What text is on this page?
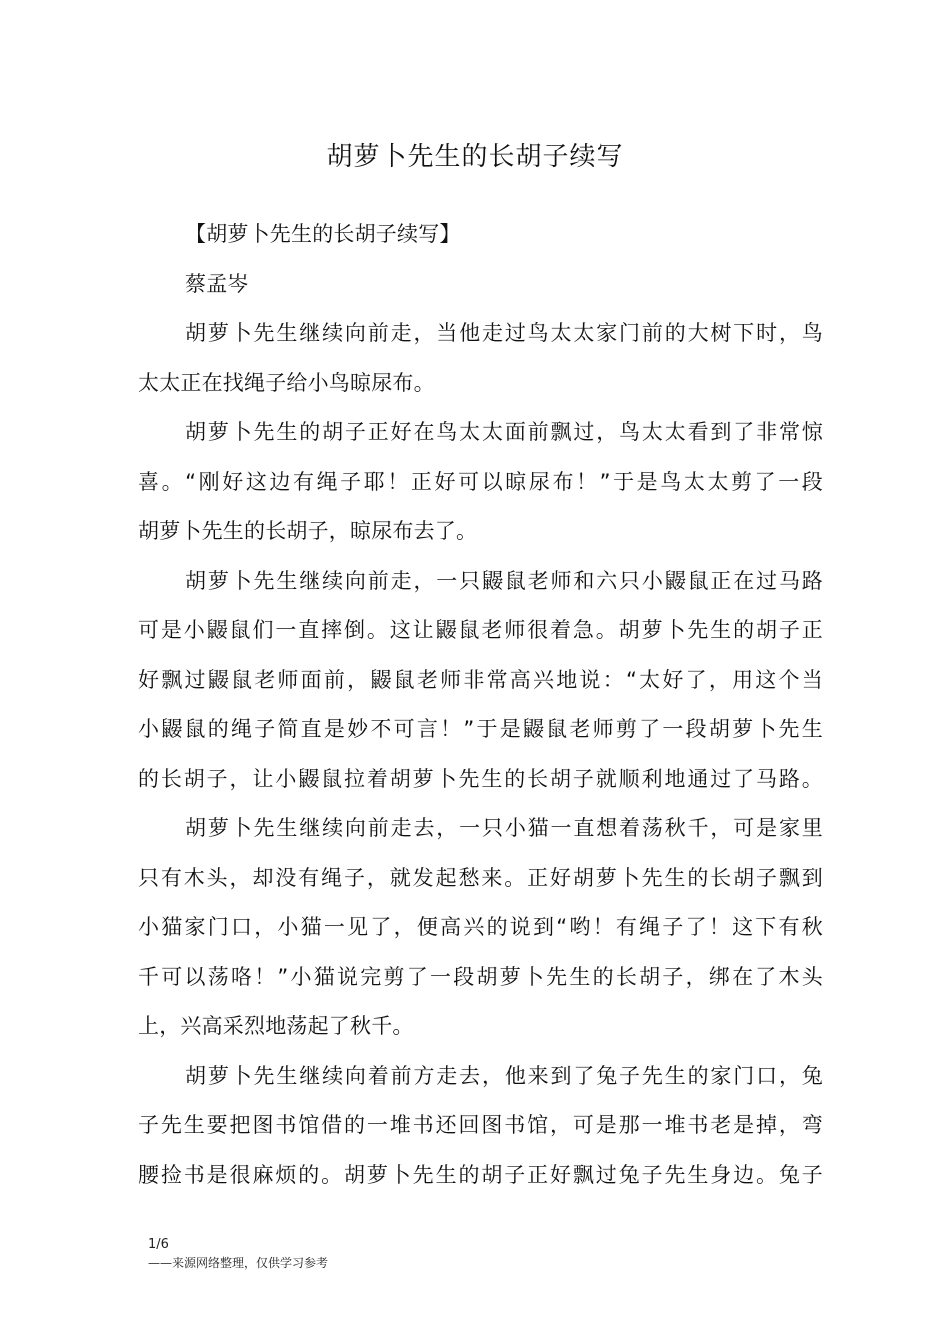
胡萝卜先生的长胡子续写
【胡萝卜先生的长胡子续写】
蔡孟岑
胡萝卜先生继续向前走，当他走过鸟太太家门前的大树下时，鸟
太太正在找绳子给小鸟晾尿布。
胡萝卜先生的胡子正好在鸟太太面前飘过，鸟太太看到了非常惊
喜。“刚好这边有绳子耶！正好可以晾尿布！”于是鸟太太剪了一段
胡萝卜先生的长胡子，晾尿布去了。
胡萝卜先生继续向前走，一只鼹鼠老师和六只小鼹鼠正在过马路
可是小鼹鼠们一直摔倒。这让鼹鼠老师很着急。胡萝卜先生的胡子正
好飘过鼹鼠老师面前，鼹鼠老师非常高兴地说：“太好了，用这个当
小鼹鼠的绳子简直是妙不可言！”于是鼹鼠老师剪了一段胡萝卜先生
的长胡子，让小鼹鼠拉着胡萝卜先生的长胡子就顺利地通过了马路。
胡萝卜先生继续向前走去，一只小猫一直想着荡秋千，可是家里
只有木头，却没有绳子，就发起愁来。正好胡萝卜先生的长胡子飘到
小猫家门口，小猫一见了，便高兴的说到“哟！有绳子了！这下有秋
千可以荡咯！”小猫说完剪了一段胡萝卜先生的长胡子，绑在了木头
上，兴高采烈地荡起了秋千。
胡萝卜先生继续向着前方走去，他来到了兔子先生的家门口，兔
子先生要把图书馆借的一堆书还回图书馆，可是那一堆书老是掉，弯
腰捡书是很麻烦的。胡萝卜先生的胡子正好飘过兔子先生身边。兔子
1/6
——来源网络整理，仅供学习参考
